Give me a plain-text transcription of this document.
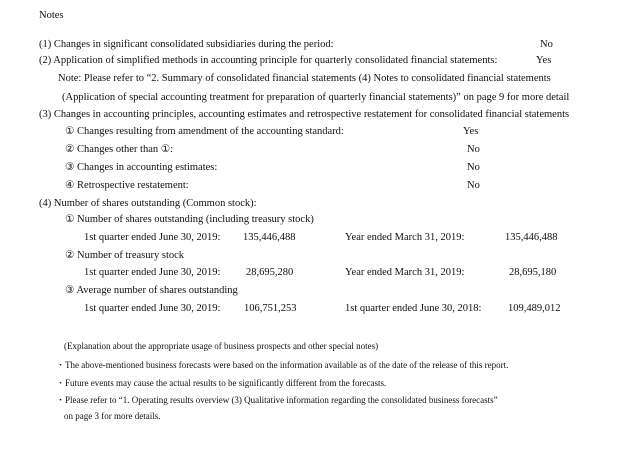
Notes
(1) Changes in significant consolidated subsidiaries during the period:	No
(2) Application of simplified methods in accounting principle for quarterly consolidated financial statements:	Yes
Note: Please refer to “2. Summary of consolidated financial statements (4) Notes to consolidated financial statements
(Application of special accounting treatment for preparation of quarterly financial statements)” on page 9 for more detail
(3) Changes in accounting principles, accounting estimates and retrospective restatement for consolidated financial statements
① Changes resulting from amendment of the accounting standard:	Yes
② Changes other than ①:	No
③ Changes in accounting estimates:	No
④ Retrospective restatement:	No
(4) Number of shares outstanding (Common stock):
① Number of shares outstanding (including treasury stock)
1st quarter ended June 30, 2019: 135,446,488	Year ended March 31, 2019:	135,446,488
② Number of treasury stock
1st quarter ended June 30, 2019: 28,695,280	Year ended March 31, 2019:	28,695,180
③ Average number of shares outstanding
1st quarter ended June 30, 2019: 106,751,253	1st quarter ended June 30, 2018:	109,489,012
(Explanation about the appropriate usage of business prospects and other special notes)
・The above-mentioned business forecasts were based on the information available as of the date of the release of this report.
・Future events may cause the actual results to be significantly different from the forecasts.
・Please refer to “1. Operating results overview (3) Qualitative information regarding the consolidated business forecasts”
on page 3 for more details.
